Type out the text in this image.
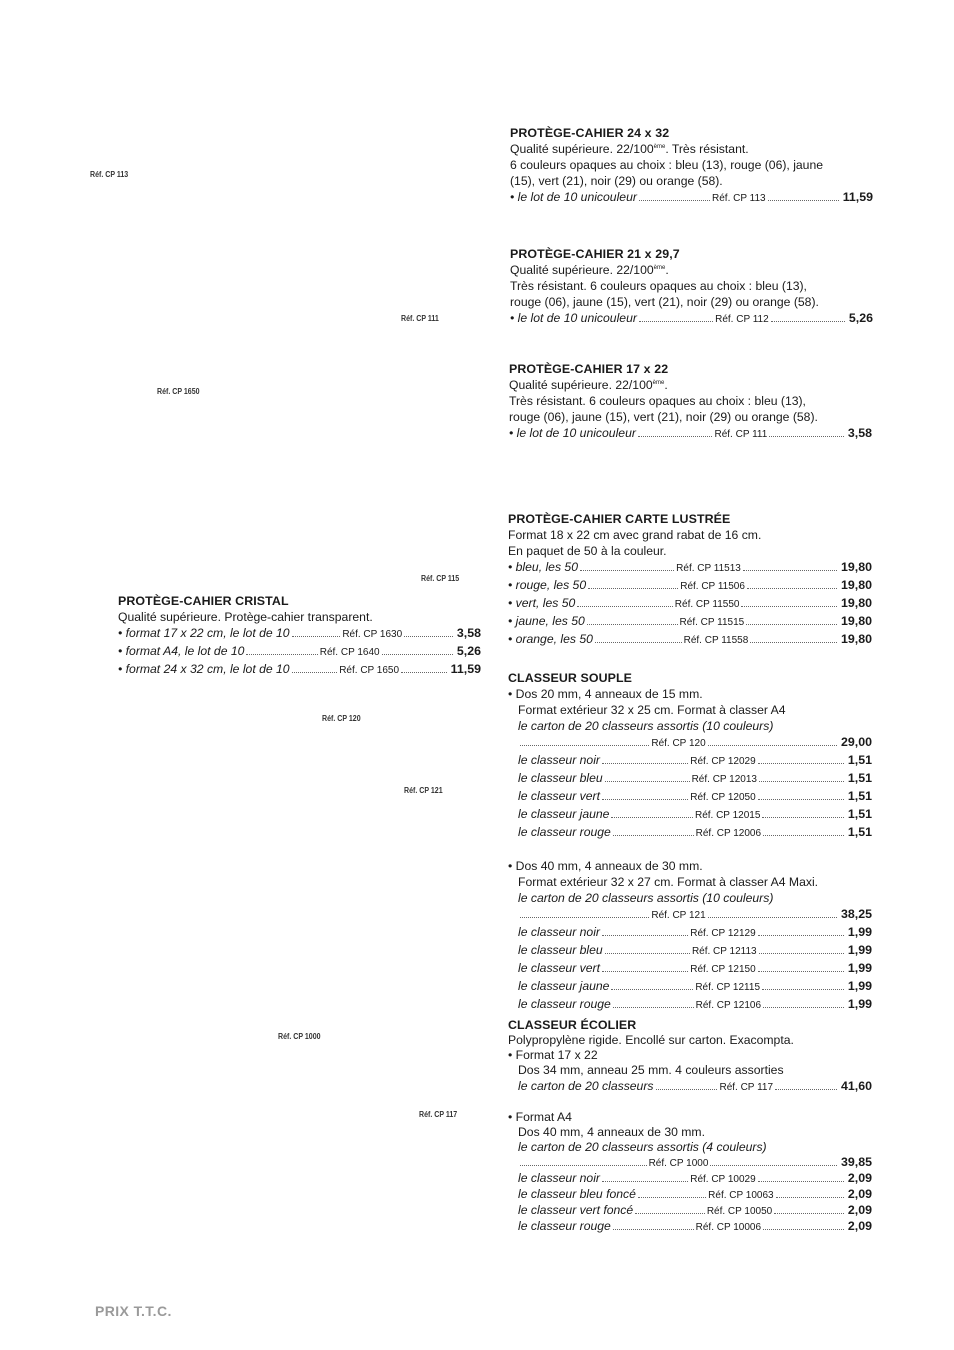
Réf. CP 113
Réf. CP 111
Réf. CP 1650
Réf. CP 115
Réf. CP 120
Réf. CP 121
Réf. CP 1000
Réf. CP 117
PROTÈGE-CAHIER 24 x 32

Qualité supérieure. 22/100ème. Très résistant.

6 couleurs opaques au choix : bleu (13), rouge (06), jaune

(15), vert (21), noir (29) ou orange (58).

• le lot de 10 unicouleur	Réf. CP 113	11,59
PROTÈGE-CAHIER 21 x 29,7

Qualité supérieure. 22/100ème.

Très résistant. 6 couleurs opaques au choix : bleu (13),

rouge (06), jaune (15), vert (21), noir (29) ou orange (58).

• le lot de 10 unicouleur	Réf. CP 112	5,26
PROTÈGE-CAHIER 17 x 22

Qualité supérieure. 22/100ème.

Très résistant. 6 couleurs opaques au choix : bleu (13),

rouge (06), jaune (15), vert (21), noir (29) ou orange (58).

• le lot de 10 unicouleur	Réf. CP 111	3,58
PROTÈGE-CAHIER CARTE LUSTRÉE

Format 18 x 22 cm avec grand rabat de 16 cm.

En paquet de 50 à la couleur.

• bleu, les 50	Réf. CP 11513	19,80
• rouge, les 50	Réf. CP 11506	19,80
• vert, les 50	Réf. CP 11550	19,80
• jaune, les 50	Réf. CP 11515	19,80
• orange, les 50	Réf. CP 11558	19,80
PROTÈGE-CAHIER CRISTAL

Qualité supérieure. Protège-cahier transparent.

• format 17 x 22 cm, le lot de 10	Réf. CP 1630	3,58
• format A4, le lot de 10	Réf. CP 1640	5,26
• format 24 x 32 cm, le lot de 10	Réf. CP 1650	11,59
CLASSEUR SOUPLE

• Dos 20 mm, 4 anneaux de 15 mm.

Format extérieur 32 x 25 cm. Format à classer A4

le carton de 20 classeurs assortis (10 couleurs)

Réf. CP 120	29,00
le classeur noir	Réf. CP 12029	1,51
le classeur bleu	Réf. CP 12013	1,51
le classeur vert	Réf. CP 12050	1,51
le classeur jaune	Réf. CP 12015	1,51
le classeur rouge	Réf. CP 12006	1,51

• Dos 40 mm, 4 anneaux de 30 mm.

Format extérieur 32 x 27 cm. Format à classer A4 Maxi.

le carton de 20 classeurs assortis (10 couleurs)

Réf. CP 121	38,25
le classeur noir	Réf. CP 12129	1,99
le classeur bleu	Réf. CP 12113	1,99
le classeur vert	Réf. CP 12150	1,99
le classeur jaune	Réf. CP 12115	1,99
le classeur rouge	Réf. CP 12106	1,99
CLASSEUR ÉCOLIER

Polypropylène rigide. Encollé sur carton. Exacompta.

• Format 17 x 22

Dos 34 mm, anneau 25 mm. 4 couleurs assorties

le carton de 20 classeurs	Réf. CP 117	41,60

• Format A4

Dos 40 mm, 4 anneaux de 30 mm.

le carton de 20 classeurs assortis (4 couleurs)

Réf. CP 1000	39,85
le classeur noir	Réf. CP 10029	2,09
le classeur bleu foncé	Réf. CP 10063	2,09
le classeur vert foncé	Réf. CP 10050	2,09
le classeur rouge	Réf. CP 10006	2,09
PRIX T.T.C.
